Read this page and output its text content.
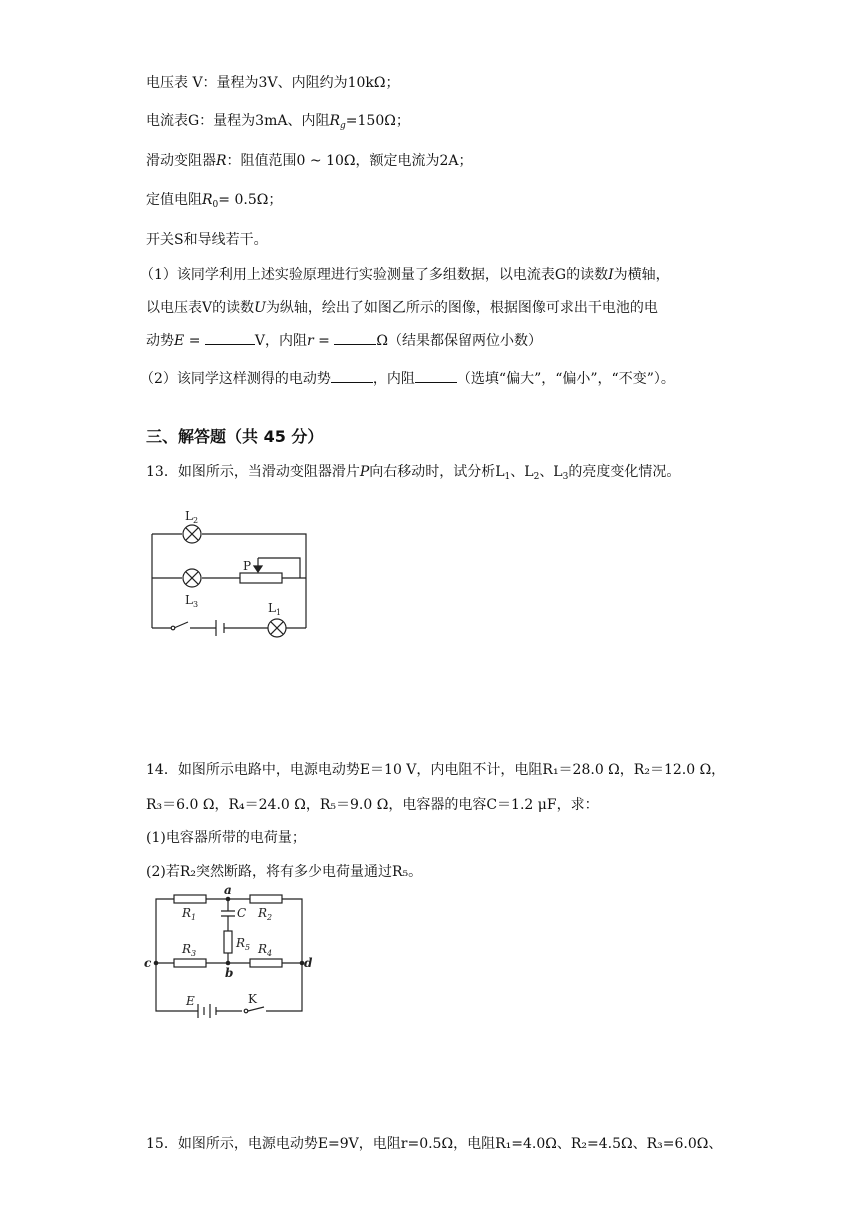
电压表 V：量程为3V、内阻约为10kΩ；
电流表G：量程为3mA、内阻$R_g=150\Omega$；
滑动变阻器R：阻值范围0 ~ 10Ω，额定电流为2A；
定值电阻$R_0= 0.5\Omega$；
开关S和导线若干。
（1）该同学利用上述实验原理进行实验测量了多组数据，以电流表G的读数I为横轴，
以电压表V的读数U为纵轴，绘出了如图乙所示的图像，根据图像可求出干电池的电
动势E =	V，内阻r =	Ω（结果都保留两位小数）
（2）该同学这样测得的电动势	，内阻	（选填“偏大”，“偏小”，“不变”）。
三、解答题（共 45 分）
13．如图所示，当滑动变阻器滑片P向右移动时，试分析$L_1$、$L_2$、$L_3$的亮度变化情况。
$L_2$
$L_3$	$L_1$
P
14．如图所示电路中，电源电动势E＝10 V，内电阻不计，电阻R₁＝28.0 Ω，R₂＝12.0 Ω，
R₃＝6.0 Ω，R₄＝24.0 Ω，R₅＝9.0 Ω，电容器的电容C＝1.2 μF，求：
(1)电容器所带的电荷量；
(2)若R₂突然断路，将有多少电荷量通过R₅。
a
b
c	d
$R_1$	$R_2$
$R_3$	$R_4$
$R_5$
C
E	K
15．如图所示，电源电动势E=9V，电阻r=0.5Ω，电阻R₁=4.0Ω、R₂=4.5Ω、R₃=6.0Ω、
